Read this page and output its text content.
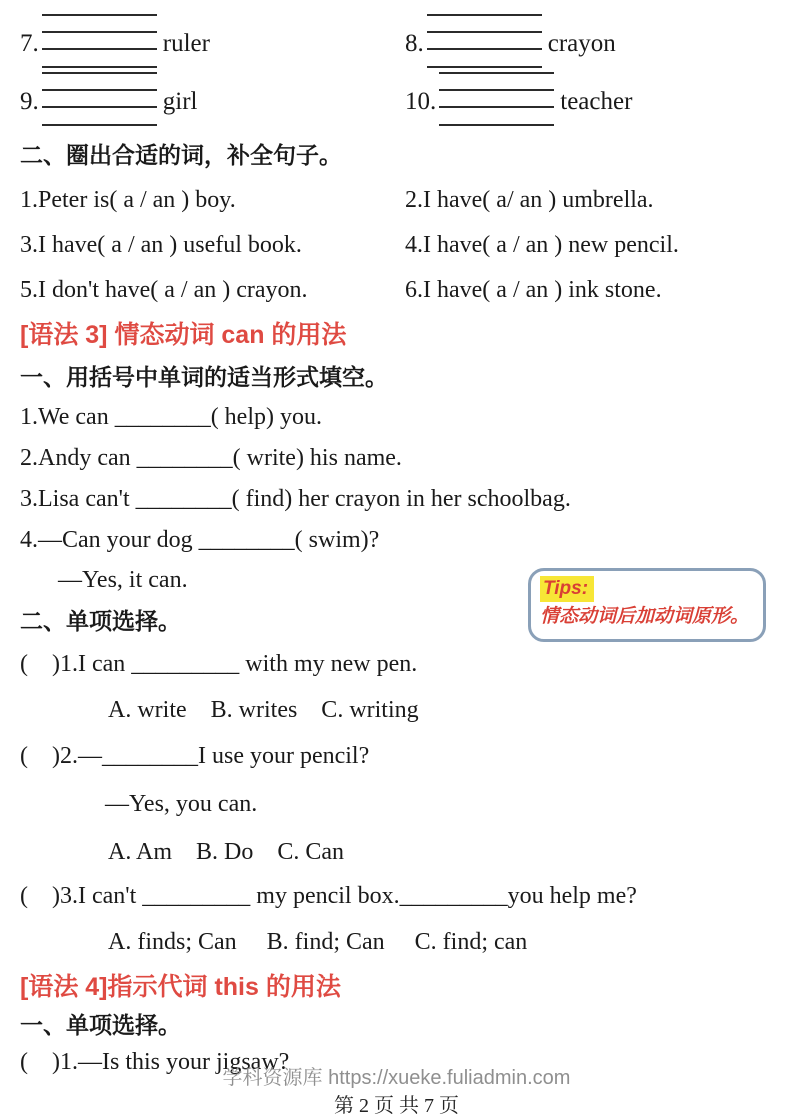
7.	ruler	8.	crayon
9.	girl	10.	teacher
二、圈出合适的词，补全句子。
1.Peter is( a / an ) boy.	2.I have( a/ an ) umbrella.
3.I have( a / an ) useful book.	4.I have( a / an ) new pencil.
5.I don't have( a / an ) crayon.	6.I have( a / an ) ink stone.
[语法 3] 情态动词 can 的用法
一、用括号中单词的适当形式填空。
1.We can ________( help) you.
2.Andy can ________( write) his name.
3.Lisa can't ________( find) her crayon in her schoolbag.
4.—Can your dog ________( swim)?
—Yes, it can.
二、单项选择。
(    )1.I can _________ with my new pen.
A. write    B. writes    C. writing
(    )2.—________I use your pencil?
—Yes, you can.
A. Am    B. Do    C. Can
(    )3.I can't _________ my pencil box._________you help me?
A. finds; Can     B. find; Can     C. find; can
[语法 4]指示代词 this 的用法
一、单项选择。
(    )1.—Is this your jigsaw?
Tips:
情态动词后加动词原形。
学科资源库 https://xueke.fuliadmin.com
第 2 页 共 7 页
